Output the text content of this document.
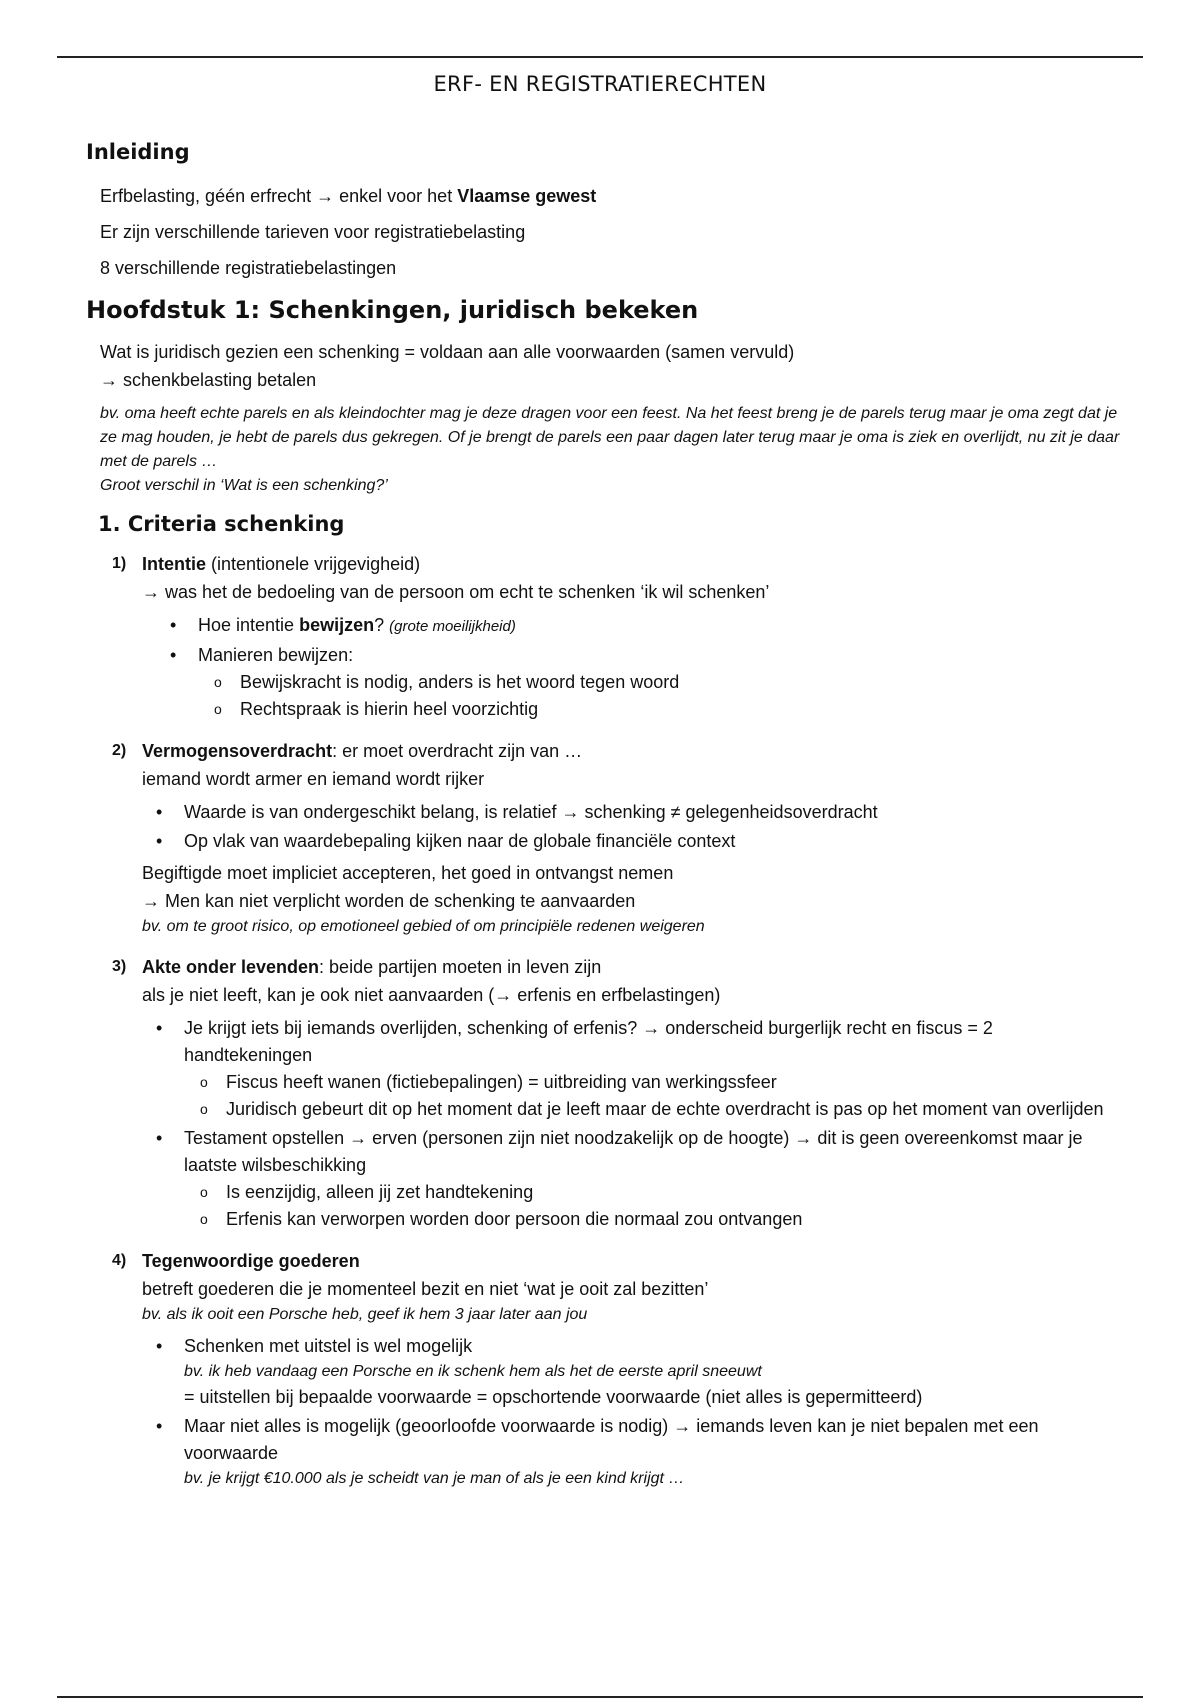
ERF- EN REGISTRATIERECHTEN
Inleiding
Erfbelasting, géén erfrecht → enkel voor het Vlaamse gewest
Er zijn verschillende tarieven voor registratiebelasting
8 verschillende registratiebelastingen
Hoofdstuk 1: Schenkingen, juridisch bekeken
Wat is juridisch gezien een schenking = voldaan aan alle voorwaarden (samen vervuld)
→ schenkbelasting betalen
bv. oma heeft echte parels en als kleindochter mag je deze dragen voor een feest. Na het feest breng je de parels terug maar je oma zegt dat je ze mag houden, je hebt de parels dus gekregen. Of je brengt de parels een paar dagen later terug maar je oma is ziek en overlijdt, nu zit je daar met de parels …
Groot verschil in ‘Wat is een schenking?’
1. Criteria schenking
1) Intentie (intentionele vrijgevigheid)
→ was het de bedoeling van de persoon om echt te schenken ‘ik wil schenken’
• Hoe intentie bewijzen? (grote moeilijkheid)
• Manieren bewijzen:
o Bewijskracht is nodig, anders is het woord tegen woord
o Rechtspraak is hierin heel voorzichtig
2) Vermogensoverdracht: er moet overdracht zijn van …
iemand wordt armer en iemand wordt rijker
• Waarde is van ondergeschikt belang, is relatief → schenking ≠ gelegenheidsoverdracht
• Op vlak van waardebepaling kijken naar de globale financiële context
Begiftigde moet impliciet accepteren, het goed in ontvangst nemen
→ Men kan niet verplicht worden de schenking te aanvaarden
bv. om te groot risico, op emotioneel gebied of om principiële redenen weigeren
3) Akte onder levenden: beide partijen moeten in leven zijn
als je niet leeft, kan je ook niet aanvaarden (→ erfenis en erfbelastingen)
• Je krijgt iets bij iemands overlijden, schenking of erfenis? → onderscheid burgerlijk recht en fiscus = 2 handtekeningen
o Fiscus heeft wanen (fictiebepalingen) = uitbreiding van werkingssfeer
o Juridisch gebeurt dit op het moment dat je leeft maar de echte overdracht is pas op het moment van overlijden
• Testament opstellen → erven (personen zijn niet noodzakelijk op de hoogte) → dit is geen overeenkomst maar je laatste wilsbeschikking
o Is eenzijdig, alleen jij zet handtekening
o Erfenis kan verworpen worden door persoon die normaal zou ontvangen
4) Tegenwoordige goederen
betreft goederen die je momenteel bezit en niet ‘wat je ooit zal bezitten’
bv. als ik ooit een Porsche heb, geef ik hem 3 jaar later aan jou
• Schenken met uitstel is wel mogelijk
bv. ik heb vandaag een Porsche en ik schenk hem als het de eerste april sneeuwt
= uitstellen bij bepaalde voorwaarde = opschortende voorwaarde (niet alles is gepermitteerd)
• Maar niet alles is mogelijk (geoorloofde voorwaarde is nodig) → iemands leven kan je niet bepalen met een voorwaarde
bv. je krijgt €10.000 als je scheidt van je man of als je een kind krijgt …
